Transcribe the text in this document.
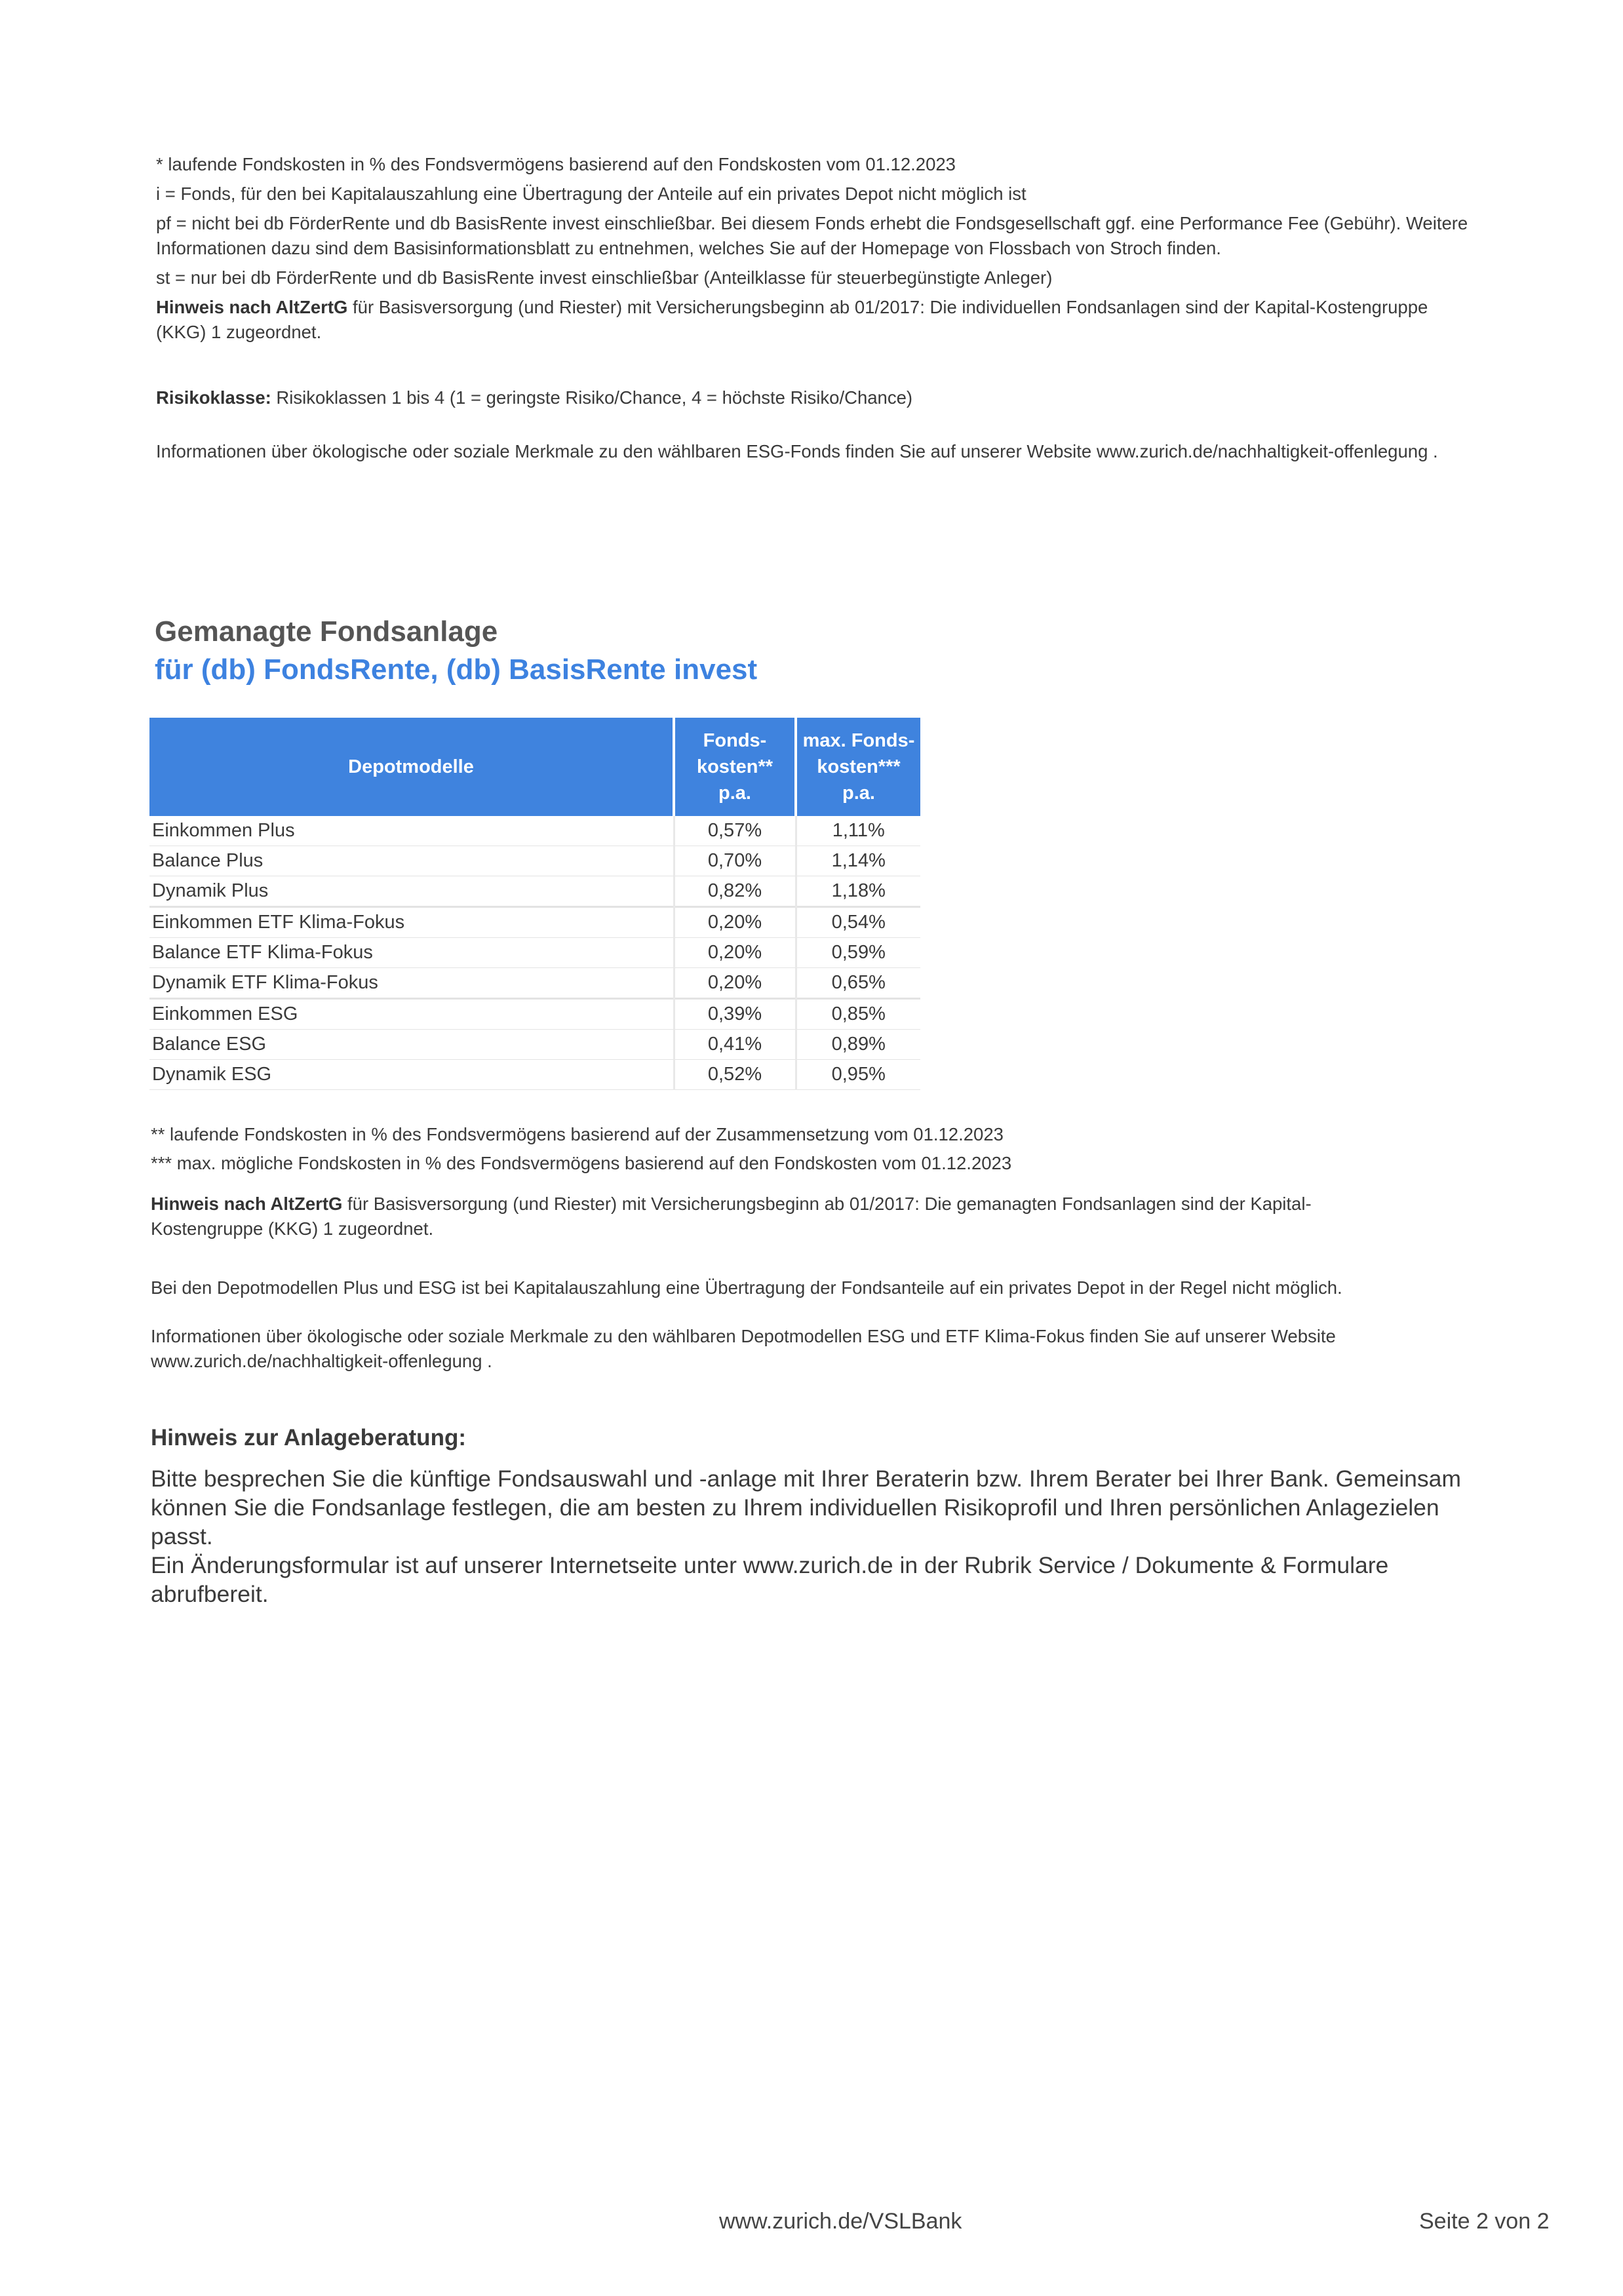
* laufende Fondskosten in % des Fondsvermögens basierend auf den Fondskosten vom 01.12.2023

i = Fonds, für den bei Kapitalauszahlung eine Übertragung der Anteile auf ein privates Depot nicht möglich ist

pf = nicht bei db FörderRente und db BasisRente invest einschließbar. Bei diesem Fonds erhebt die Fondsgesellschaft ggf. eine Performance Fee (Gebühr). Weitere Informationen dazu sind dem Basisinformationsblatt zu entnehmen, welches Sie auf der Homepage von Flossbach von Stroch finden.

st = nur bei db FörderRente und db BasisRente invest einschließbar (Anteilklasse für steuerbegünstigte Anleger)

Hinweis nach AltZertG für Basisversorgung (und Riester) mit Versicherungsbeginn ab 01/2017: Die individuellen Fondsanlagen sind der Kapital-Kostengruppe (KKG) 1 zugeordnet.

Risikoklasse: Risikoklassen 1 bis 4 (1 = geringste Risiko/Chance, 4 = höchste Risiko/Chance)

Informationen über ökologische oder soziale Merkmale zu den wählbaren ESG-Fonds finden Sie auf unserer Website www.zurich.de/nachhaltigkeit-offenlegung .

Gemanagte Fondsanlage
für (db) FondsRente, (db) BasisRente invest
Depotmodelle	Fonds-
kosten**
p.a.	max. Fonds-
kosten***
p.a.

Einkommen Plus	0,57%	1,11%
Balance Plus	0,70%	1,14%
Dynamik Plus	0,82%	1,18%
Einkommen ETF Klima-Fokus	0,20%	0,54%
Balance ETF Klima-Fokus	0,20%	0,59%
Dynamik ETF Klima-Fokus	0,20%	0,65%
Einkommen ESG	0,39%	0,85%
Balance ESG	0,41%	0,89%
Dynamik ESG	0,52%	0,95%

** laufende Fondskosten in % des Fondsvermögens basierend auf der Zusammensetzung vom 01.12.2023

*** max. mögliche Fondskosten in % des Fondsvermögens basierend auf den Fondskosten vom 01.12.2023

Hinweis nach AltZertG für Basisversorgung (und Riester) mit Versicherungsbeginn ab 01/2017: Die gemanagten Fondsanlagen sind der Kapital-Kostengruppe (KKG) 1 zugeordnet.

Bei den Depotmodellen Plus und ESG ist bei Kapitalauszahlung eine Übertragung der Fondsanteile auf ein privates Depot in der Regel nicht möglich.

Informationen über ökologische oder soziale Merkmale zu den wählbaren Depotmodellen ESG und ETF Klima-Fokus finden Sie auf unserer Website www.zurich.de/nachhaltigkeit-offenlegung .

Hinweis zur Anlageberatung:

Bitte besprechen Sie die künftige Fondsauswahl und -anlage mit Ihrer Beraterin bzw. Ihrem Berater bei Ihrer Bank. Gemeinsam können Sie die Fondsanlage festlegen, die am besten zu Ihrem individuellen Risikoprofil und Ihren persönlichen Anlagezielen passt.

Ein Änderungsformular ist auf unserer Internetseite unter www.zurich.de in der Rubrik Service / Dokumente & Formulare abrufbereit.

www.zurich.de/VSLBank	Seite 2 von 2
